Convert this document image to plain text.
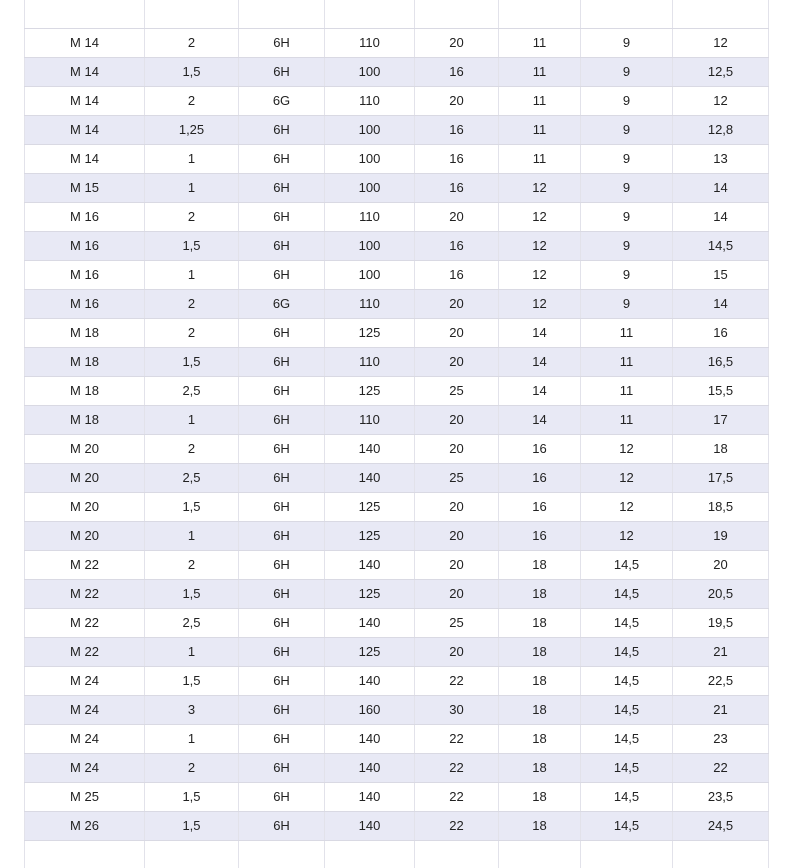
M 14	2	6H	110	20	11	9	12
M 14	1,5	6H	100	16	11	9	12,5
M 14	2	6G	110	20	11	9	12
M 14	1,25	6H	100	16	11	9	12,8
M 14	1	6H	100	16	11	9	13
M 15	1	6H	100	16	12	9	14
M 16	2	6H	110	20	12	9	14
M 16	1,5	6H	100	16	12	9	14,5
M 16	1	6H	100	16	12	9	15
M 16	2	6G	110	20	12	9	14
M 18	2	6H	125	20	14	11	16
M 18	1,5	6H	110	20	14	11	16,5
M 18	2,5	6H	125	25	14	11	15,5
M 18	1	6H	110	20	14	11	17
M 20	2	6H	140	20	16	12	18
M 20	2,5	6H	140	25	16	12	17,5
M 20	1,5	6H	125	20	16	12	18,5
M 20	1	6H	125	20	16	12	19
M 22	2	6H	140	20	18	14,5	20
M 22	1,5	6H	125	20	18	14,5	20,5
M 22	2,5	6H	140	25	18	14,5	19,5
M 22	1	6H	125	20	18	14,5	21
M 24	1,5	6H	140	22	18	14,5	22,5
M 24	3	6H	160	30	18	14,5	21
M 24	1	6H	140	22	18	14,5	23
M 24	2	6H	140	22	18	14,5	22
M 25	1,5	6H	140	22	18	14,5	23,5
M 26	1,5	6H	140	22	18	14,5	24,5
